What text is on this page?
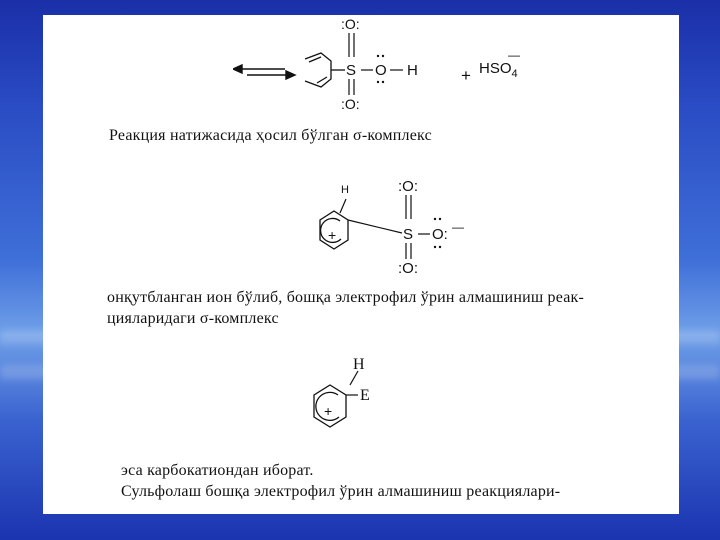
:O:
S O H
:O:
+ $HSO_4$
—
Реакция натижасида ҳосил бўлган σ-комплекс
+
H	:O:
S O: —
:O:
онқутбланган ион бўлиб, бошқа электрофил ўрин алмашиниш реак-
цияларидаги σ-комплекс
+
H
E
эса карбокатиондан иборат.
Сульфолаш бошқа электрофил ўрин алмашиниш реакциялари-
